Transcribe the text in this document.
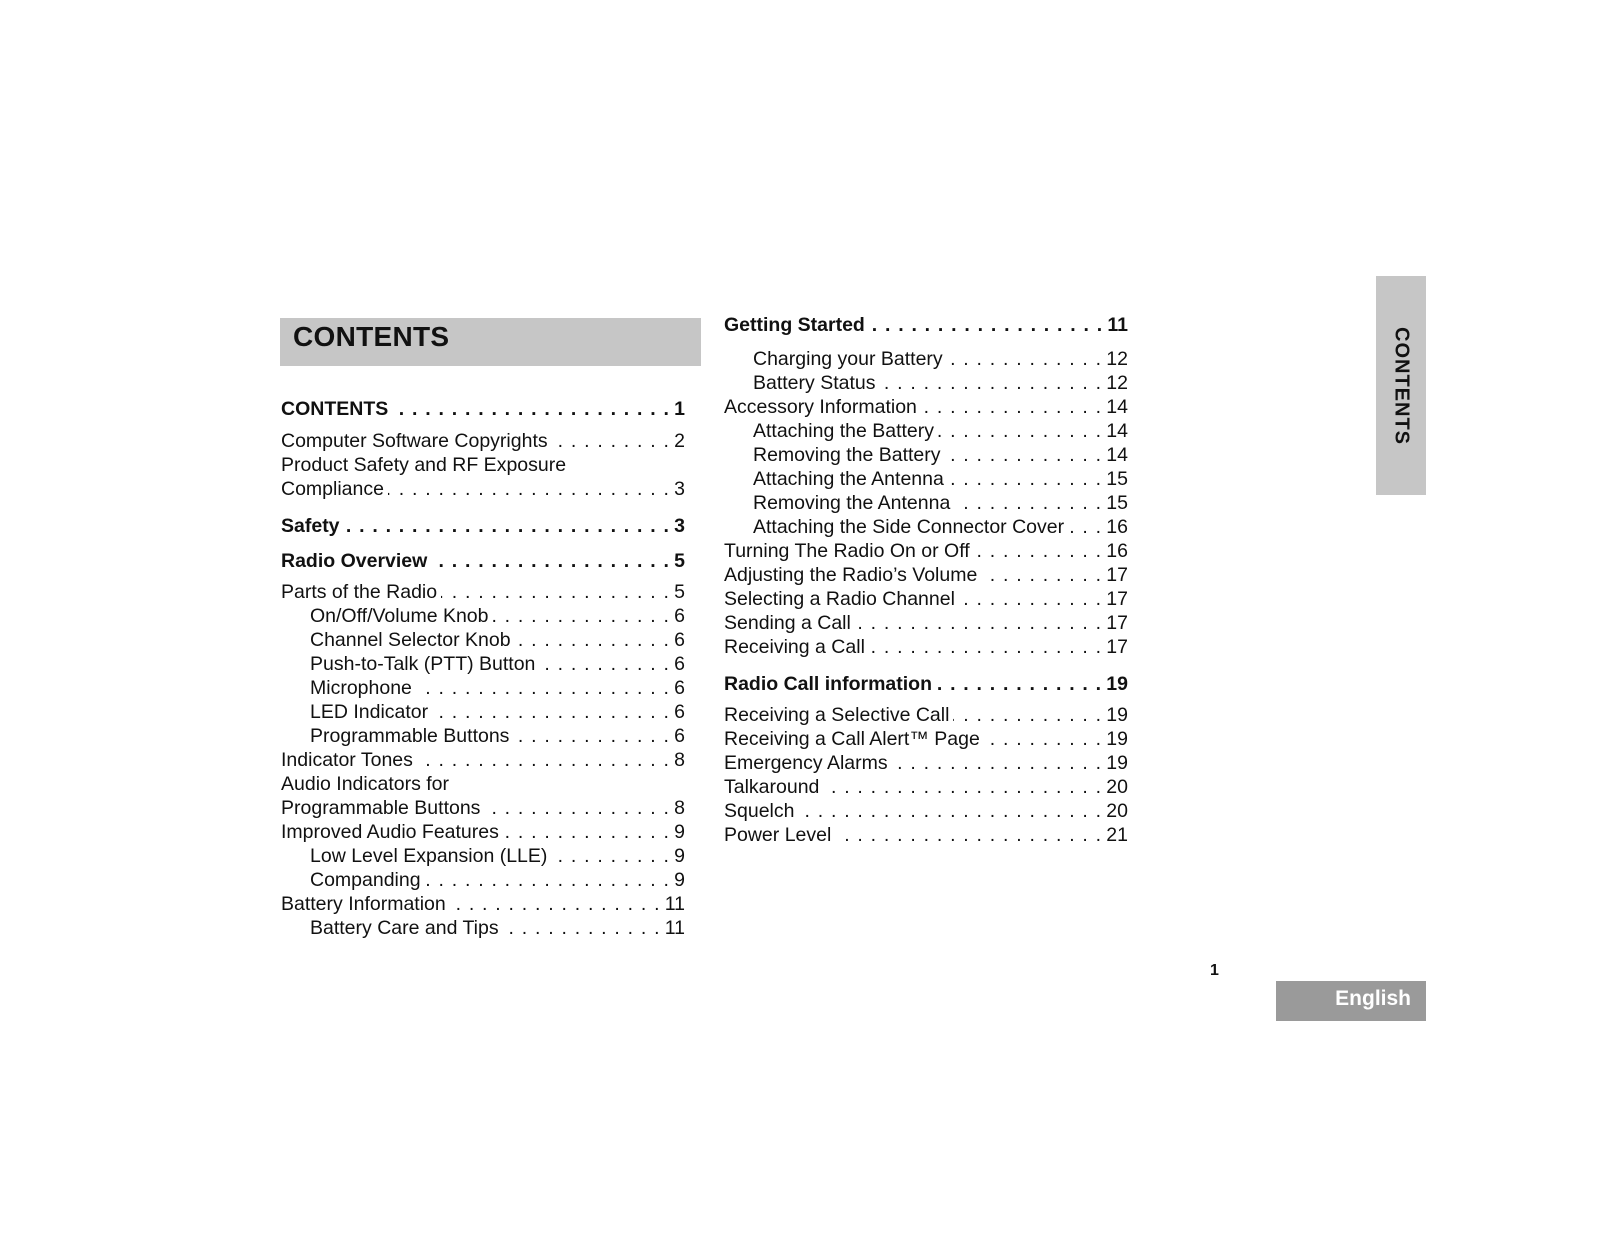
CONTENTS
CONTENTS . . .	1
Computer Software Copyrights . . .	2
Product Safety and RF Exposure
Compliance . . .	3
Safety . . .	3
Radio Overview . . .	5
Parts of the Radio . . .	5
On/Off/Volume Knob . . .	6
Channel Selector Knob . . .	6
Push-to-Talk (PTT) Button . . .	6
Microphone . . .	6
LED Indicator . . .	6
Programmable Buttons . . .	6
Indicator Tones . . .	8
Audio Indicators for
Programmable Buttons . . .	8
Improved Audio Features . . .	9
Low Level Expansion (LLE) . . .	9
Companding . . .	9
Battery Information . . .	11
Battery Care and Tips . . .	11
Getting Started . . .	11
Charging your Battery . . .	12
Battery Status . . .	12
Accessory Information . . .	14
Attaching the Battery . . .	14
Removing the Battery . . .	14
Attaching the Antenna . . .	15
Removing the Antenna . . .	15
Attaching the Side Connector Cover . . . 16
Turning The Radio On or Off . . .	16
Adjusting the Radio’s Volume . . .	17
Selecting a Radio Channel . . .	17
Sending a Call . . .	17
Receiving a Call . . .	17
Radio Call information . . .	19
Receiving a Selective Call . . .	19
Receiving a Call Alert™ Page . . .	19
Emergency Alarms . . .	19
Talkaround . . .	20
Squelch . . .	20
Power Level . . .	21
CONTENTS
1
English
